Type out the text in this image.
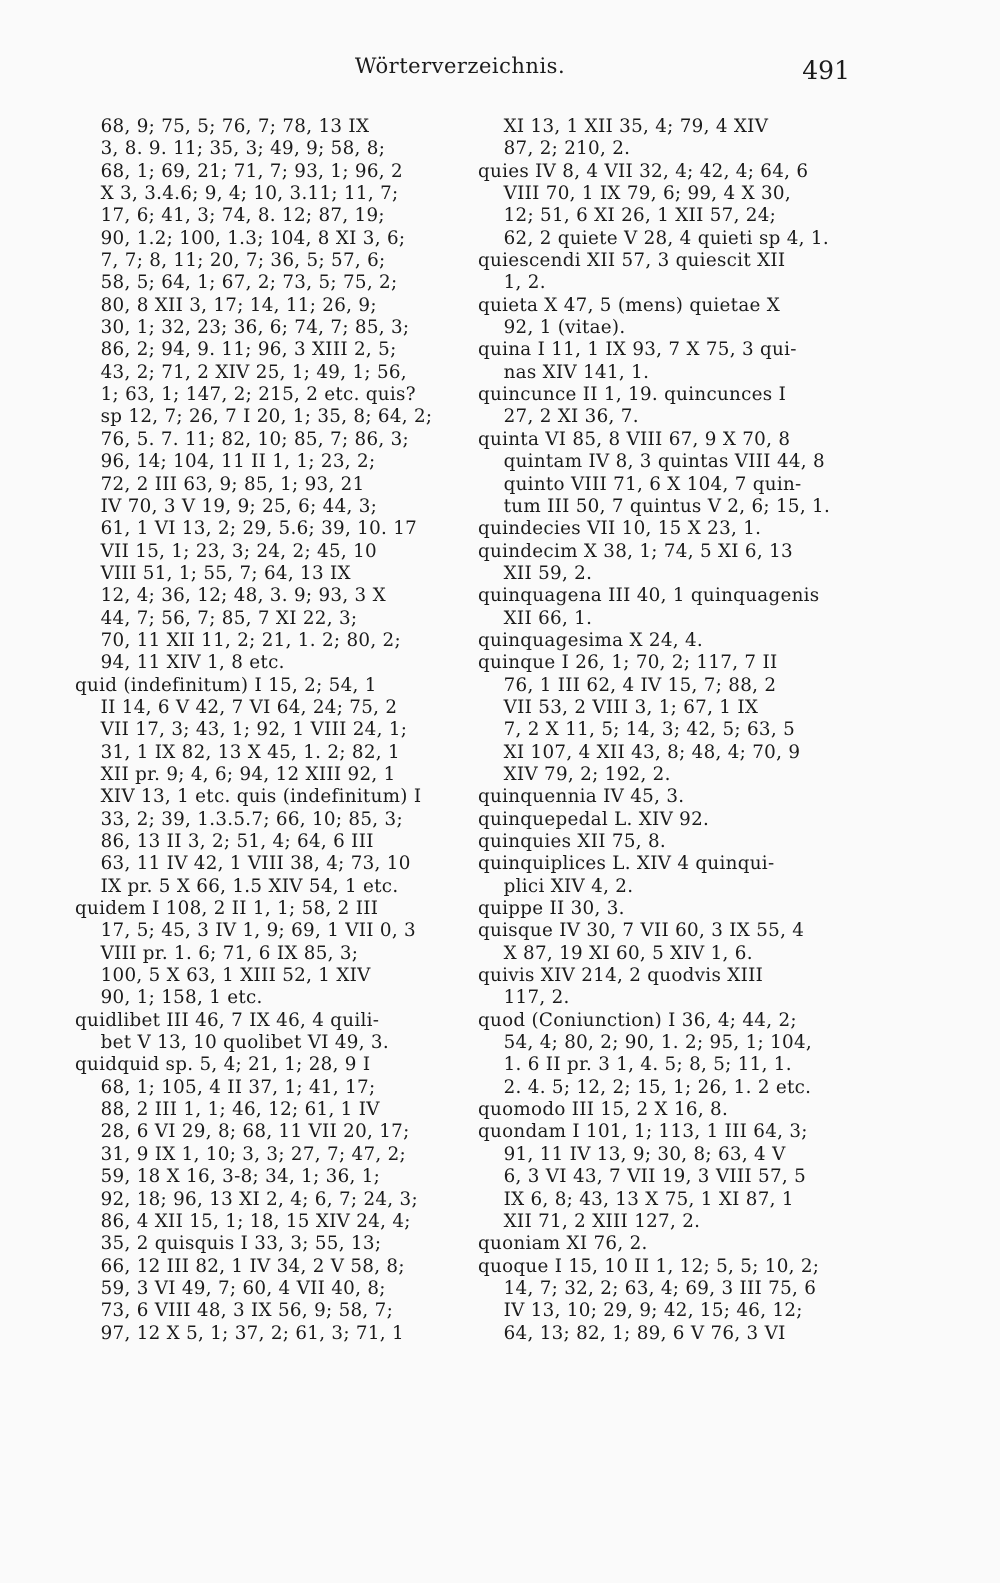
Wörterverzeichnis.	491

68, 9; 75, 5; 76, 7; 78, 13 IX
3, 8. 9. 11; 35, 3; 49, 9; 58, 8;
68, 1; 69, 21; 71, 7; 93, 1; 96, 2
X 3, 3.4.6; 9, 4; 10, 3.11; 11, 7;
17, 6; 41, 3; 74, 8. 12; 87, 19;
90, 1.2; 100, 1.3; 104, 8 XI 3, 6;
7, 7; 8, 11; 20, 7; 36, 5; 57, 6;
58, 5; 64, 1; 67, 2; 73, 5; 75, 2;
80, 8 XII 3, 17; 14, 11; 26, 9;
30, 1; 32, 23; 36, 6; 74, 7; 85, 3;
86, 2; 94, 9. 11; 96, 3 XIII 2, 5;
43, 2; 71, 2 XIV 25, 1; 49, 1; 56,
1; 63, 1; 147, 2; 215, 2 etc. quis?
sp 12, 7; 26, 7 I 20, 1; 35, 8; 64, 2;
76, 5. 7. 11; 82, 10; 85, 7; 86, 3;
96, 14; 104, 11 II 1, 1; 23, 2;
72, 2 III 63, 9; 85, 1; 93, 21
IV 70, 3 V 19, 9; 25, 6; 44, 3;
61, 1 VI 13, 2; 29, 5.6; 39, 10. 17
VII 15, 1; 23, 3; 24, 2; 45, 10
VIII 51, 1; 55, 7; 64, 13 IX
12, 4; 36, 12; 48, 3. 9; 93, 3 X
44, 7; 56, 7; 85, 7 XI 22, 3;
70, 11 XII 11, 2; 21, 1. 2; 80, 2;
94, 11 XIV 1, 8 etc.

quid (indefinitum) I 15, 2; 54, 1
II 14, 6 V 42, 7 VI 64, 24; 75, 2
VII 17, 3; 43, 1; 92, 1 VIII 24, 1;
31, 1 IX 82, 13 X 45, 1. 2; 82, 1
XII pr. 9; 4, 6; 94, 12 XIII 92, 1
XIV 13, 1 etc. quis (indefinitum) I
33, 2; 39, 1.3.5.7; 66, 10; 85, 3;
86, 13 II 3, 2; 51, 4; 64, 6 III
63, 11 IV 42, 1 VIII 38, 4; 73, 10
IX pr. 5 X 66, 1.5 XIV 54, 1 etc.

quidem I 108, 2 II 1, 1; 58, 2 III
17, 5; 45, 3 IV 1, 9; 69, 1 VII 0, 3
VIII pr. 1. 6; 71, 6 IX 85, 3;
100, 5 X 63, 1 XIII 52, 1 XIV
90, 1; 158, 1 etc.

quidlibet III 46, 7 IX 46, 4 quili-
bet V 13, 10 quolibet VI 49, 3.

quidquid sp. 5, 4; 21, 1; 28, 9 I
68, 1; 105, 4 II 37, 1; 41, 17;
88, 2 III 1, 1; 46, 12; 61, 1 IV
28, 6 VI 29, 8; 68, 11 VII 20, 17;
31, 9 IX 1, 10; 3, 3; 27, 7; 47, 2;
59, 18 X 16, 3-8; 34, 1; 36, 1;
92, 18; 96, 13 XI 2, 4; 6, 7; 24, 3;
86, 4 XII 15, 1; 18, 15 XIV 24, 4;
35, 2 quisquis I 33, 3; 55, 13;
66, 12 III 82, 1 IV 34, 2 V 58, 8;
59, 3 VI 49, 7; 60, 4 VII 40, 8;
73, 6 VIII 48, 3 IX 56, 9; 58, 7;
97, 12 X 5, 1; 37, 2; 61, 3; 71, 1

XI 13, 1 XII 35, 4; 79, 4 XIV
87, 2; 210, 2.

quies IV 8, 4 VII 32, 4; 42, 4; 64, 6
VIII 70, 1 IX 79, 6; 99, 4 X 30,
12; 51, 6 XI 26, 1 XII 57, 24;
62, 2 quiete V 28, 4 quieti sp 4, 1.

quiescendi XII 57, 3 quiescit XII
1, 2.

quieta X 47, 5 (mens) quietae X
92, 1 (vitae).

quina I 11, 1 IX 93, 7 X 75, 3 qui-
nas XIV 141, 1.

quincunce II 1, 19. quincunces I
27, 2 XI 36, 7.

quinta VI 85, 8 VIII 67, 9 X 70, 8
quintam IV 8, 3 quintas VIII 44, 8
quinto VIII 71, 6 X 104, 7 quin-
tum III 50, 7 quintus V 2, 6; 15, 1.

quindecies VII 10, 15 X 23, 1.

quindecim X 38, 1; 74, 5 XI 6, 13
XII 59, 2.

quinquagena III 40, 1 quinquagenis
XII 66, 1.

quinquagesima X 24, 4.

quinque I 26, 1; 70, 2; 117, 7 II
76, 1 III 62, 4 IV 15, 7; 88, 2
VII 53, 2 VIII 3, 1; 67, 1 IX
7, 2 X 11, 5; 14, 3; 42, 5; 63, 5
XI 107, 4 XII 43, 8; 48, 4; 70, 9
XIV 79, 2; 192, 2.

quinquennia IV 45, 3.

quinquepedal L. XIV 92.

quinquies XII 75, 8.

quinquiplices L. XIV 4 quinqui-
plici XIV 4, 2.

quippe II 30, 3.

quisque IV 30, 7 VII 60, 3 IX 55, 4
X 87, 19 XI 60, 5 XIV 1, 6.

quivis XIV 214, 2 quodvis XIII
117, 2.

quod (Coniunction) I 36, 4; 44, 2;
54, 4; 80, 2; 90, 1. 2; 95, 1; 104,
1. 6 II pr. 3 1, 4. 5; 8, 5; 11, 1.
2. 4. 5; 12, 2; 15, 1; 26, 1. 2 etc.

quomodo III 15, 2 X 16, 8.

quondam I 101, 1; 113, 1 III 64, 3;
91, 11 IV 13, 9; 30, 8; 63, 4 V
6, 3 VI 43, 7 VII 19, 3 VIII 57, 5
IX 6, 8; 43, 13 X 75, 1 XI 87, 1
XII 71, 2 XIII 127, 2.

quoniam XI 76, 2.

quoque I 15, 10 II 1, 12; 5, 5; 10, 2;
14, 7; 32, 2; 63, 4; 69, 3 III 75, 6
IV 13, 10; 29, 9; 42, 15; 46, 12;
64, 13; 82, 1; 89, 6 V 76, 3 VI
